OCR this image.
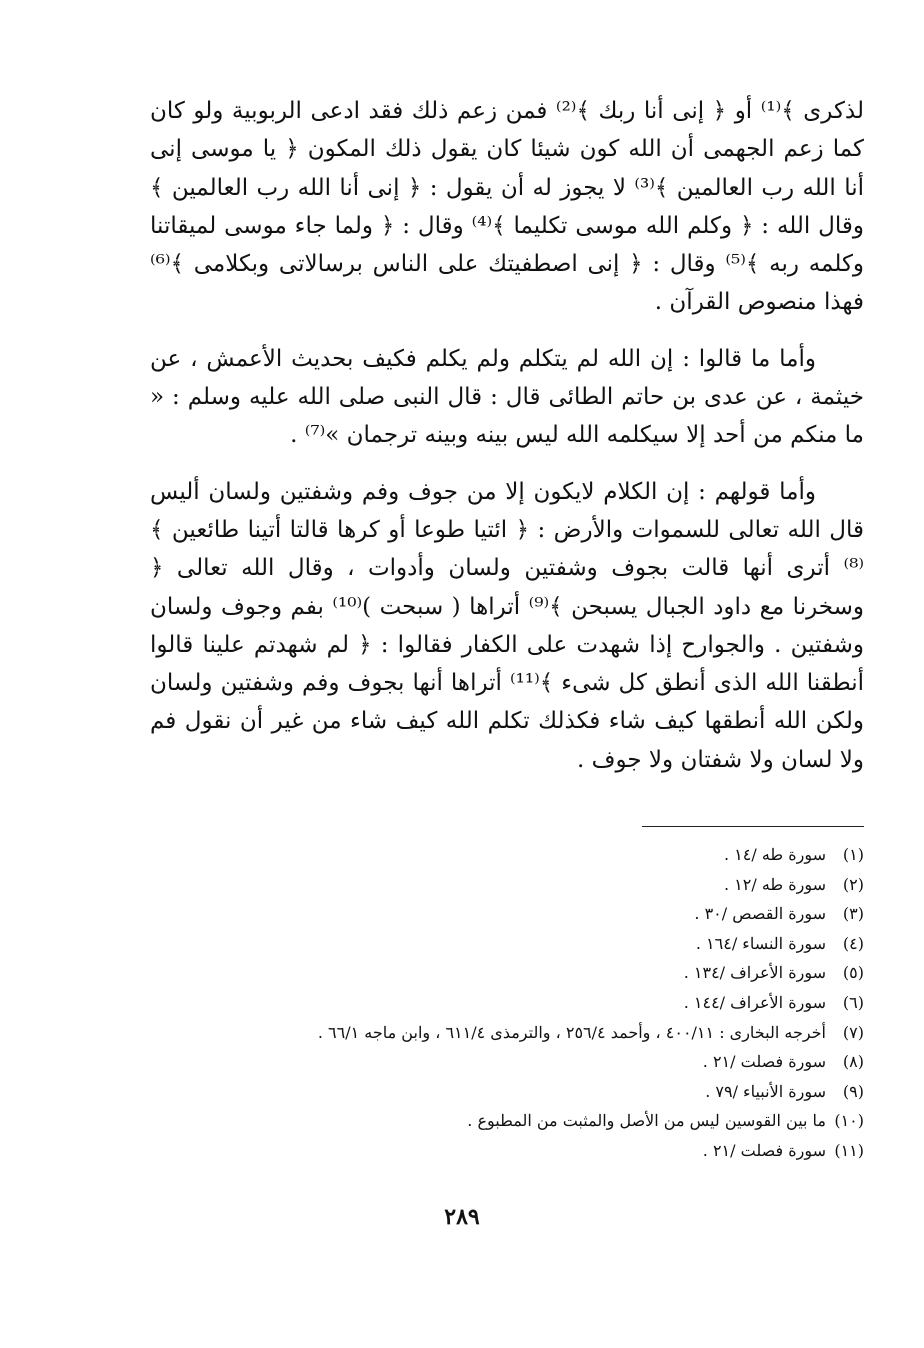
لذكرى ﴾⁽¹⁾ أو ﴿ إنى أنا ربك ﴾⁽²⁾ فمن زعم ذلك فقد ادعى الربوبية ولو كان كما زعم الجهمى أن الله كون شيئا كان يقول ذلك المكون ﴿ يا موسى إنى أنا الله رب العالمين ﴾⁽³⁾ لا يجوز له أن يقول : ﴿ إنى أنا الله رب العالمين ﴾ وقال الله : ﴿ وكلم الله موسى تكليما ﴾⁽⁴⁾ وقال : ﴿ ولما جاء موسى لميقاتنا وكلمه ربه ﴾⁽⁵⁾ وقال : ﴿ إنى اصطفيتك على الناس برسالاتى وبكلامى ﴾⁽⁶⁾ فهذا منصوص القرآن .

وأما ما قالوا : إن الله لم يتكلم ولم يكلم فكيف بحديث الأعمش ، عن خيثمة ، عن عدى بن حاتم الطائى قال : قال النبى صلى الله عليه وسلم : « ما منكم من أحد إلا سيكلمه الله ليس بينه وبينه ترجمان »⁽⁷⁾ .

وأما قولهم : إن الكلام لايكون إلا من جوف وفم وشفتين ولسان أليس قال الله تعالى للسموات والأرض : ﴿ ائتيا طوعا أو كرها قالتا أتينا طائعين ﴾⁽⁸⁾ أترى أنها قالت بجوف وشفتين ولسان وأدوات ، وقال الله تعالى ﴿ وسخرنا مع داود الجبال يسبحن ﴾⁽⁹⁾ أتراها ( سبحت )⁽¹⁰⁾ بفم وجوف ولسان وشفتين . والجوارح إذا شهدت على الكفار فقالوا : ﴿ لم شهدتم علينا قالوا أنطقنا الله الذى أنطق كل شىء ﴾⁽¹¹⁾ أتراها أنها بجوف وفم وشفتين ولسان ولكن الله أنطقها كيف شاء فكذلك تكلم الله كيف شاء من غير أن نقول فم ولا لسان ولا شفتان ولا جوف .

(١)سورة طه /١٤ .
(٢)سورة طه /١٢ .
(٣)سورة القصص /٣٠ .
(٤)سورة النساء /١٦٤ .
(٥)سورة الأعراف /١٣٤ .
(٦)سورة الأعراف /١٤٤ .
(٧)أخرجه البخارى : ٤٠٠/١١ ، وأحمد ٢٥٦/٤ ، والترمذى ٦١١/٤ ، وابن ماجه ٦٦/١ .
(٨)سورة فصلت /٢١ .
(٩)سورة الأنبياء /٧٩ .
(١٠)ما بين القوسين ليس من الأصل والمثبت من المطبوع .
(١١)سورة فصلت /٢١ .
٢٨٩
